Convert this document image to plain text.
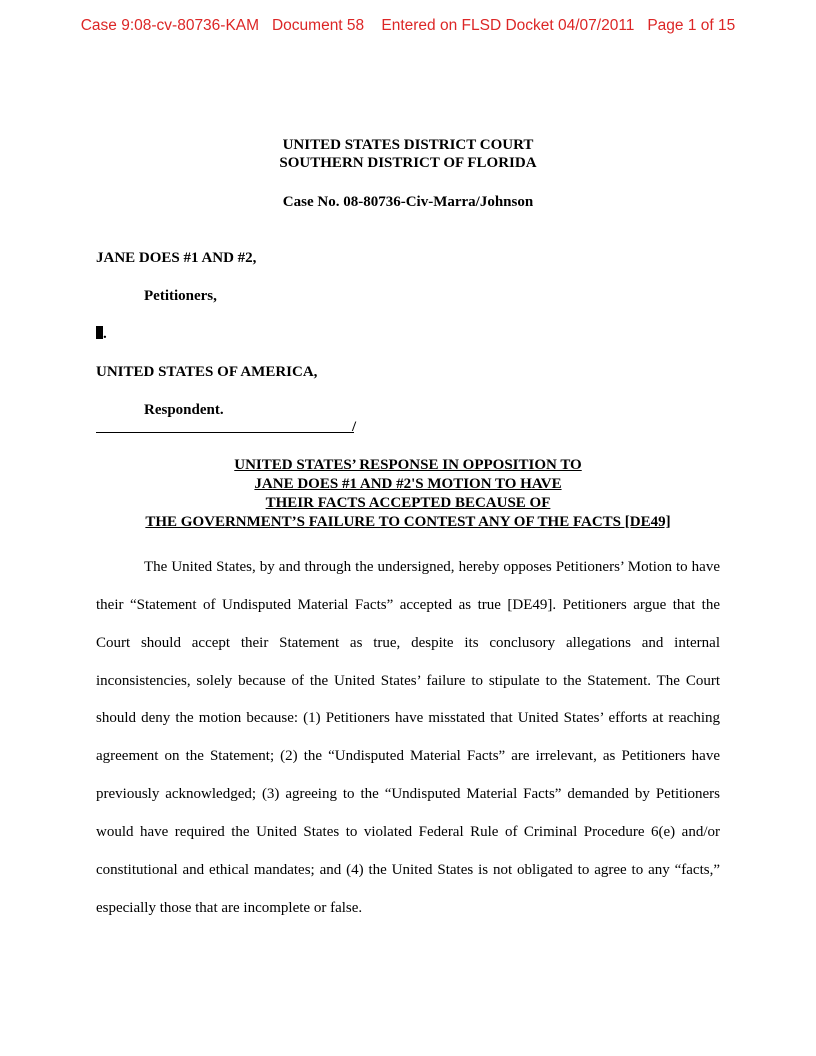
Case 9:08-cv-80736-KAM   Document 58    Entered on FLSD Docket 04/07/2011   Page 1 of 15
UNITED STATES DISTRICT COURT
SOUTHERN DISTRICT OF FLORIDA
Case No. 08-80736-Civ-Marra/Johnson
JANE DOES #1 AND #2,
Petitioners,
.
UNITED STATES OF AMERICA,
Respondent.
/
UNITED STATES’ RESPONSE IN OPPOSITION TO
JANE DOES #1 AND #2'S MOTION TO HAVE
THEIR FACTS ACCEPTED BECAUSE OF
THE GOVERNMENT’S FAILURE TO CONTEST ANY OF THE FACTS [DE49]

The United States, by and through the undersigned, hereby opposes Petitioners’ Motion to have their “Statement of Undisputed Material Facts” accepted as true [DE49]. Petitioners argue that the Court should accept their Statement as true, despite its conclusory allegations and internal inconsistencies, solely because of the United States’ failure to stipulate to the Statement. The Court should deny the motion because: (1) Petitioners have misstated that United States’ efforts at reaching agreement on the Statement; (2) the “Undisputed Material Facts” are irrelevant, as Petitioners have previously acknowledged; (3) agreeing to the “Undisputed Material Facts” demanded by Petitioners would have required the United States to violated Federal Rule of Criminal Procedure 6(e) and/or constitutional and ethical mandates; and (4) the United States is not obligated to agree to any “facts,” especially those that are incomplete or false.
